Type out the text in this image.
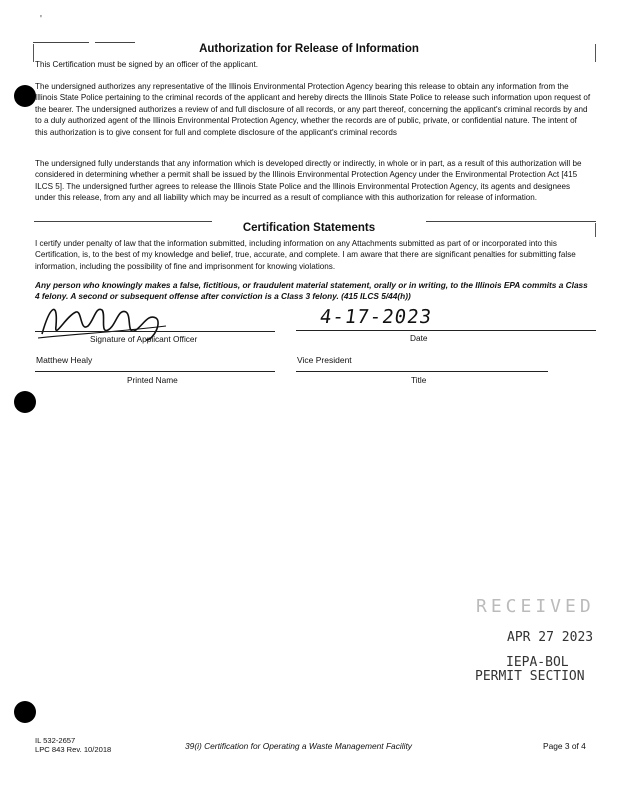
'
Authorization for Release of Information
This Certification must be signed by an officer of the applicant.
The undersigned authorizes any representative of the Illinois Environmental Protection Agency bearing this release to obtain any information from the Illinois State Police pertaining to the criminal records of the applicant and hereby directs the Illinois State Police to release such information upon request of the bearer. The undersigned authorizes a review of and full disclosure of all records, or any part thereof, concerning the applicant's criminal records by and to a duly authorized agent of the Illinois Environmental Protection Agency, whether the records are of public, private, or confidential nature. The intent of this authorization is to give consent for full and complete disclosure of the applicant's criminal records
The undersigned fully understands that any information which is developed directly or indirectly, in whole or in part, as a result of this authorization will be considered in determining whether a permit shall be issued by the Illinois Environmental Protection Agency under the Environmental Protection Act [415 ILCS 5]. The undersigned further agrees to release the Illinois State Police and the Illinois Environmental Protection Agency, its agents and designees under this release, from any and all liability which may be incurred as a result of compliance with this authorization for release of information.
Certification Statements
I certify under penalty of law that the information submitted, including information on any Attachments submitted as part of or incorporated into this Certification, is, to the best of my knowledge and belief, true, accurate, and complete. I am aware that there are significant penalties for submitting false information, including the possibility of fine and imprisonment for knowing violations.
Any person who knowingly makes a false, fictitious, or fraudulent material statement, orally or in writing, to the Illinois EPA commits a Class 4 felony. A second or subsequent offense after conviction is a Class 3 felony. (415 ILCS 5/44(h))
Signature of Applicant Officer
4-17-2023
Date
Matthew Healy
Printed Name
Vice President
Title
RECEIVED
APR 27 2023
IEPA-BOL
PERMIT SECTION
IL 532-2657
LPC 843 Rev. 10/2018	39(i) Certification for Operating a Waste Management Facility	Page 3 of 4
